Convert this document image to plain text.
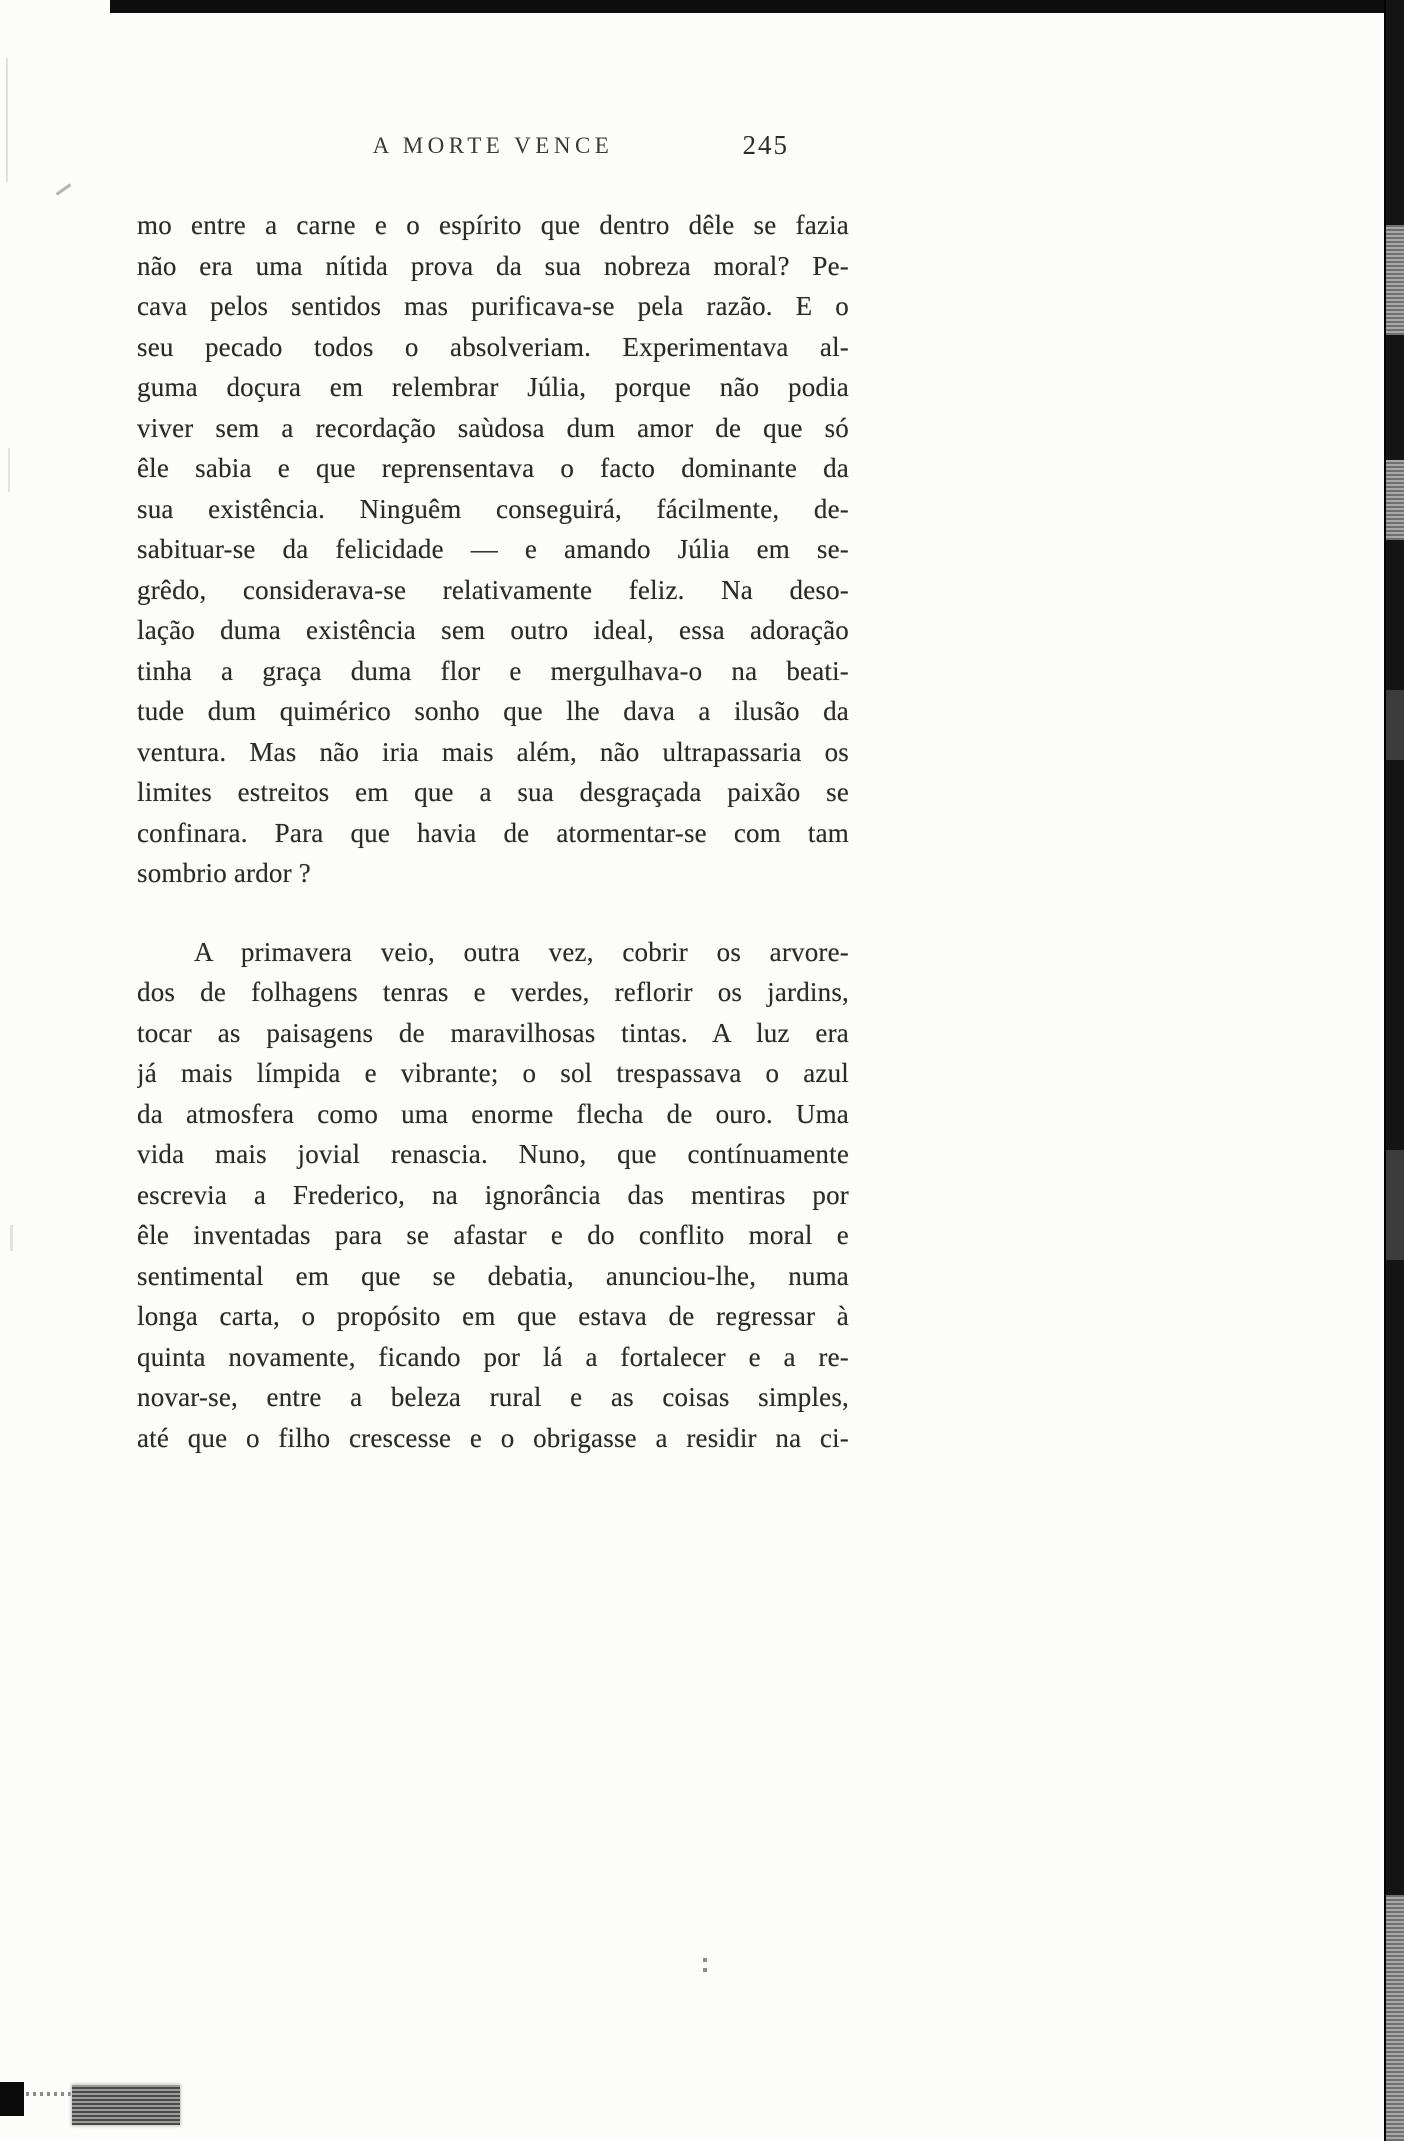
A MORTE VENCE	245
mo entre a carne e o espírito que dentro dêle se fazia
não era uma nítida prova da sua nobreza moral? Pe-
cava pelos sentidos mas purificava-se pela razão. E o
seu pecado todos o absolveriam. Experimentava al-
guma doçura em relembrar Júlia, porque não podia
viver sem a recordação saùdosa dum amor de que só
êle sabia e que reprensentava o facto dominante da
sua existência. Ninguêm conseguirá, fácilmente, de-
sabituar-se da felicidade — e amando Júlia em se-
grêdo, considerava-se relativamente feliz. Na deso-
lação duma existência sem outro ideal, essa adoração
tinha a graça duma flor e mergulhava-o na beati-
tude dum quimérico sonho que lhe dava a ilusão da
ventura. Mas não iria mais além, não ultrapassaria os
limites estreitos em que a sua desgraçada paixão se
confinara. Para que havia de atormentar-se com tam
sombrio ardor ?
A primavera veio, outra vez, cobrir os arvore-
dos de folhagens tenras e verdes, reflorir os jardins,
tocar as paisagens de maravilhosas tintas. A luz era
já mais límpida e vibrante; o sol trespassava o azul
da atmosfera como uma enorme flecha de ouro. Uma
vida mais jovial renascia. Nuno, que contínuamente
escrevia a Frederico, na ignorância das mentiras por
êle inventadas para se afastar e do conflito moral e
sentimental em que se debatia, anunciou-lhe, numa
longa carta, o propósito em que estava de regressar à
quinta novamente, ficando por lá a fortalecer e a re-
novar-se, entre a beleza rural e as coisas simples,
até que o filho crescesse e o obrigasse a residir na ci-
